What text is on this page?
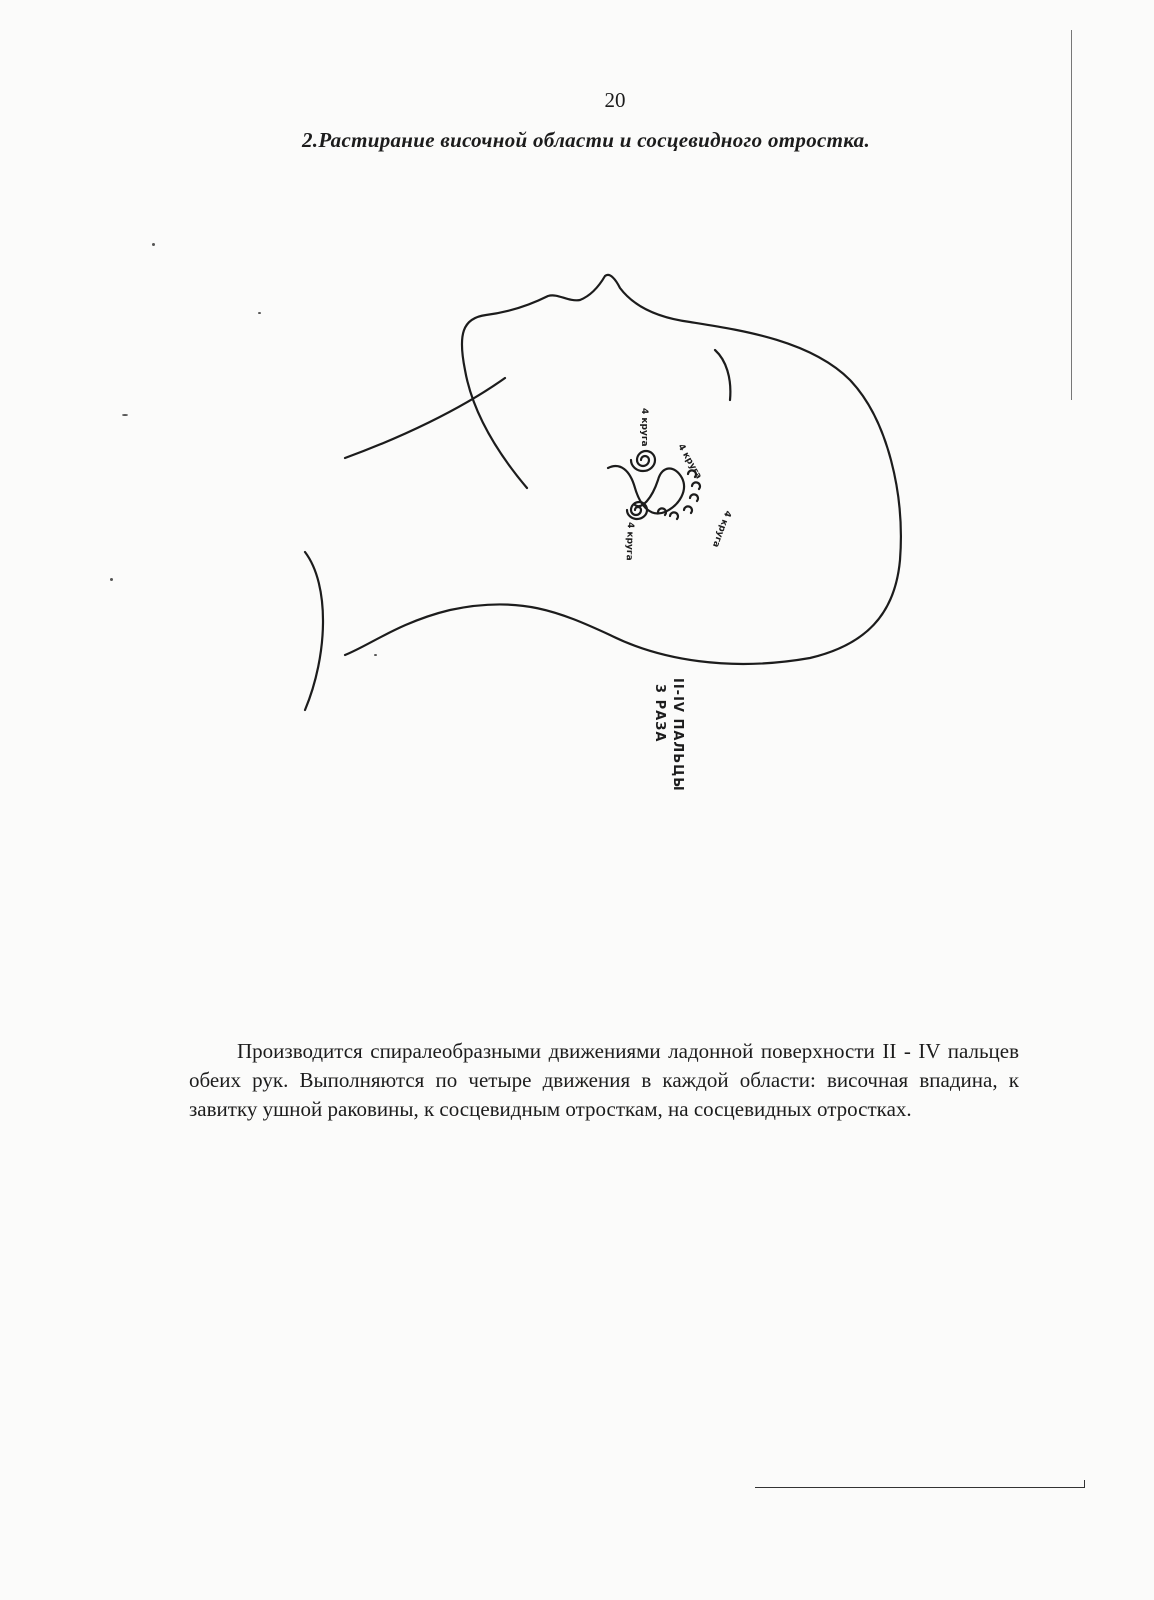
20
2.Растирание височной области и сосцевидного отростка.
4 круга
4 круга
4 круга
4 круга
II-IV ПАЛЬЦЫ
3 РАЗА
Производится спиралеобразными движениями ладонной поверхности II - IV пальцев обеих рук. Выполняются по четыре движения в каждой области: височная впадина, к завитку ушной раковины, к сосцевидным отросткам, на сосцевидных отростках.
